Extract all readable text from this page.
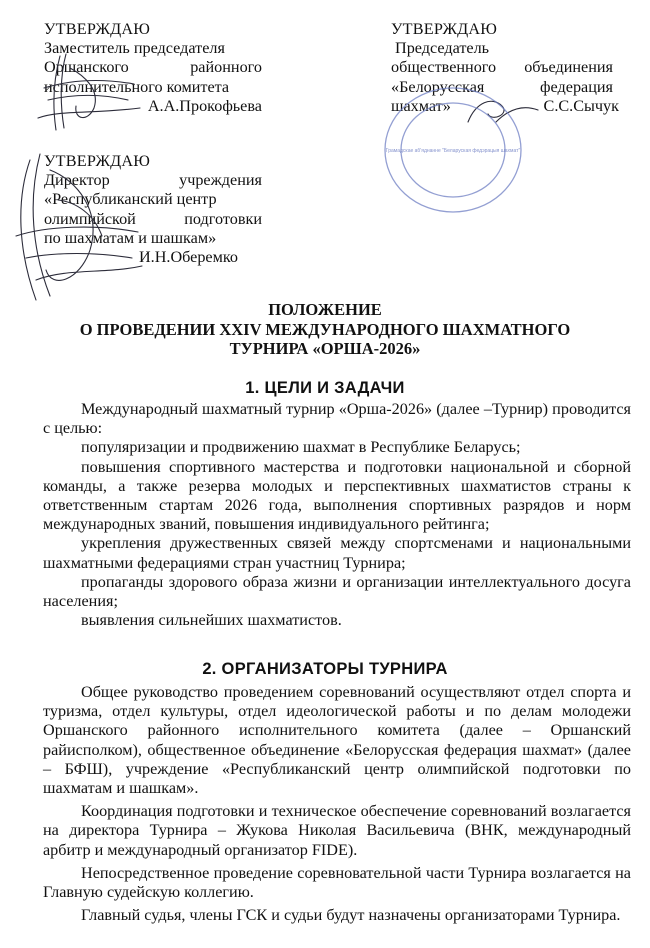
УТВЕРЖДАЮ
Заместитель председателя
Оршанского районного
исполнительного комитета
А.А.Прокофьева
УТВЕРЖДАЮ
Председатель
общественного объединения
«Белорусская федерация
шахмат»	С.С.Сычук
УТВЕРЖДАЮ
Директор учреждения
«Республиканский центр
олимпийской подготовки
по шахматам и шашкам»
И.Н.Оберемко
Грамадскае аб'яднанне "Беларуская федэрацыя шахмат"
ПОЛОЖЕНИЕ
О ПРОВЕДЕНИИ XXIV МЕЖДУНАРОДНОГО ШАХМАТНОГО
ТУРНИРА «ОРША-2026»
1. ЦЕЛИ И ЗАДАЧИ

Международный шахматный турнир «Орша-2026» (далее –Турнир) проводится с целью:

популяризации и продвижению шахмат в Республике Беларусь;

повышения спортивного мастерства и подготовки национальной и сборной команды, а также резерва молодых и перспективных шахматистов страны к ответственным стартам 2026 года, выполнения спортивных разрядов и норм международных званий, повышения индивидуального рейтинга;

укрепления дружественных связей между спортсменами и национальными шахматными федерациями стран участниц Турнира;

пропаганды здорового образа жизни и организации интеллектуального досуга населения;

выявления сильнейших шахматистов.

2. ОРГАНИЗАТОРЫ ТУРНИРА

Общее руководство проведением соревнований осуществляют отдел спорта и туризма, отдел культуры, отдел идеологической работы и по делам молодежи Оршанского районного исполнительного комитета (далее – Оршанский райисполком), общественное объединение «Белорусская федерация шахмат» (далее – БФШ), учреждение «Республиканский центр олимпийской подготовки по шахматам и шашкам».

Координация подготовки и техническое обеспечение соревнований возлагается на директора Турнира – Жукова Николая Васильевича (ВНК, международный арбитр и международный организатор FIDE).

Непосредственное проведение соревновательной части Турнира возлагается на Главную судейскую коллегию.

Главный судья, члены ГСК и судьи будут назначены организаторами Турнира.
